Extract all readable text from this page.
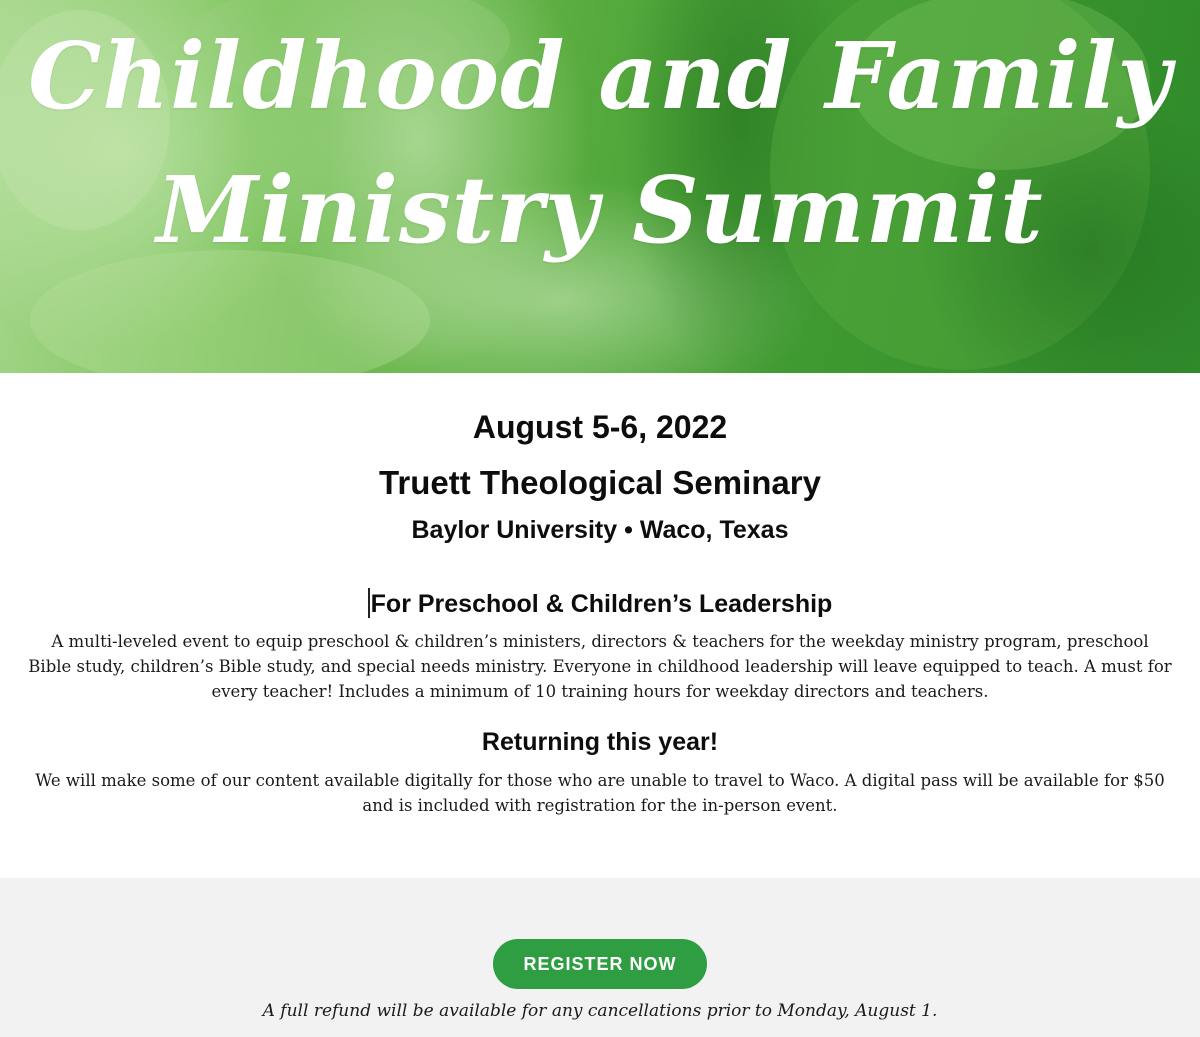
Childhood and Family
Ministry Summit
August 5-6, 2022
Truett Theological Seminary
Baylor University • Waco, Texas
For Preschool & Children’s Leadership
A multi-leveled event to equip preschool & children’s ministers, directors & teachers for the weekday ministry program, preschool Bible study, children’s Bible study, and special needs ministry. Everyone in childhood leadership will leave equipped to teach. A must for every teacher! Includes a minimum of 10 training hours for weekday directors and teachers.
Returning this year!
We will make some of our content available digitally for those who are unable to travel to Waco. A digital pass will be available for $50 and is included with registration for the in-person event.
REGISTER NOW
A full refund will be available for any cancellations prior to Monday, August 1.
